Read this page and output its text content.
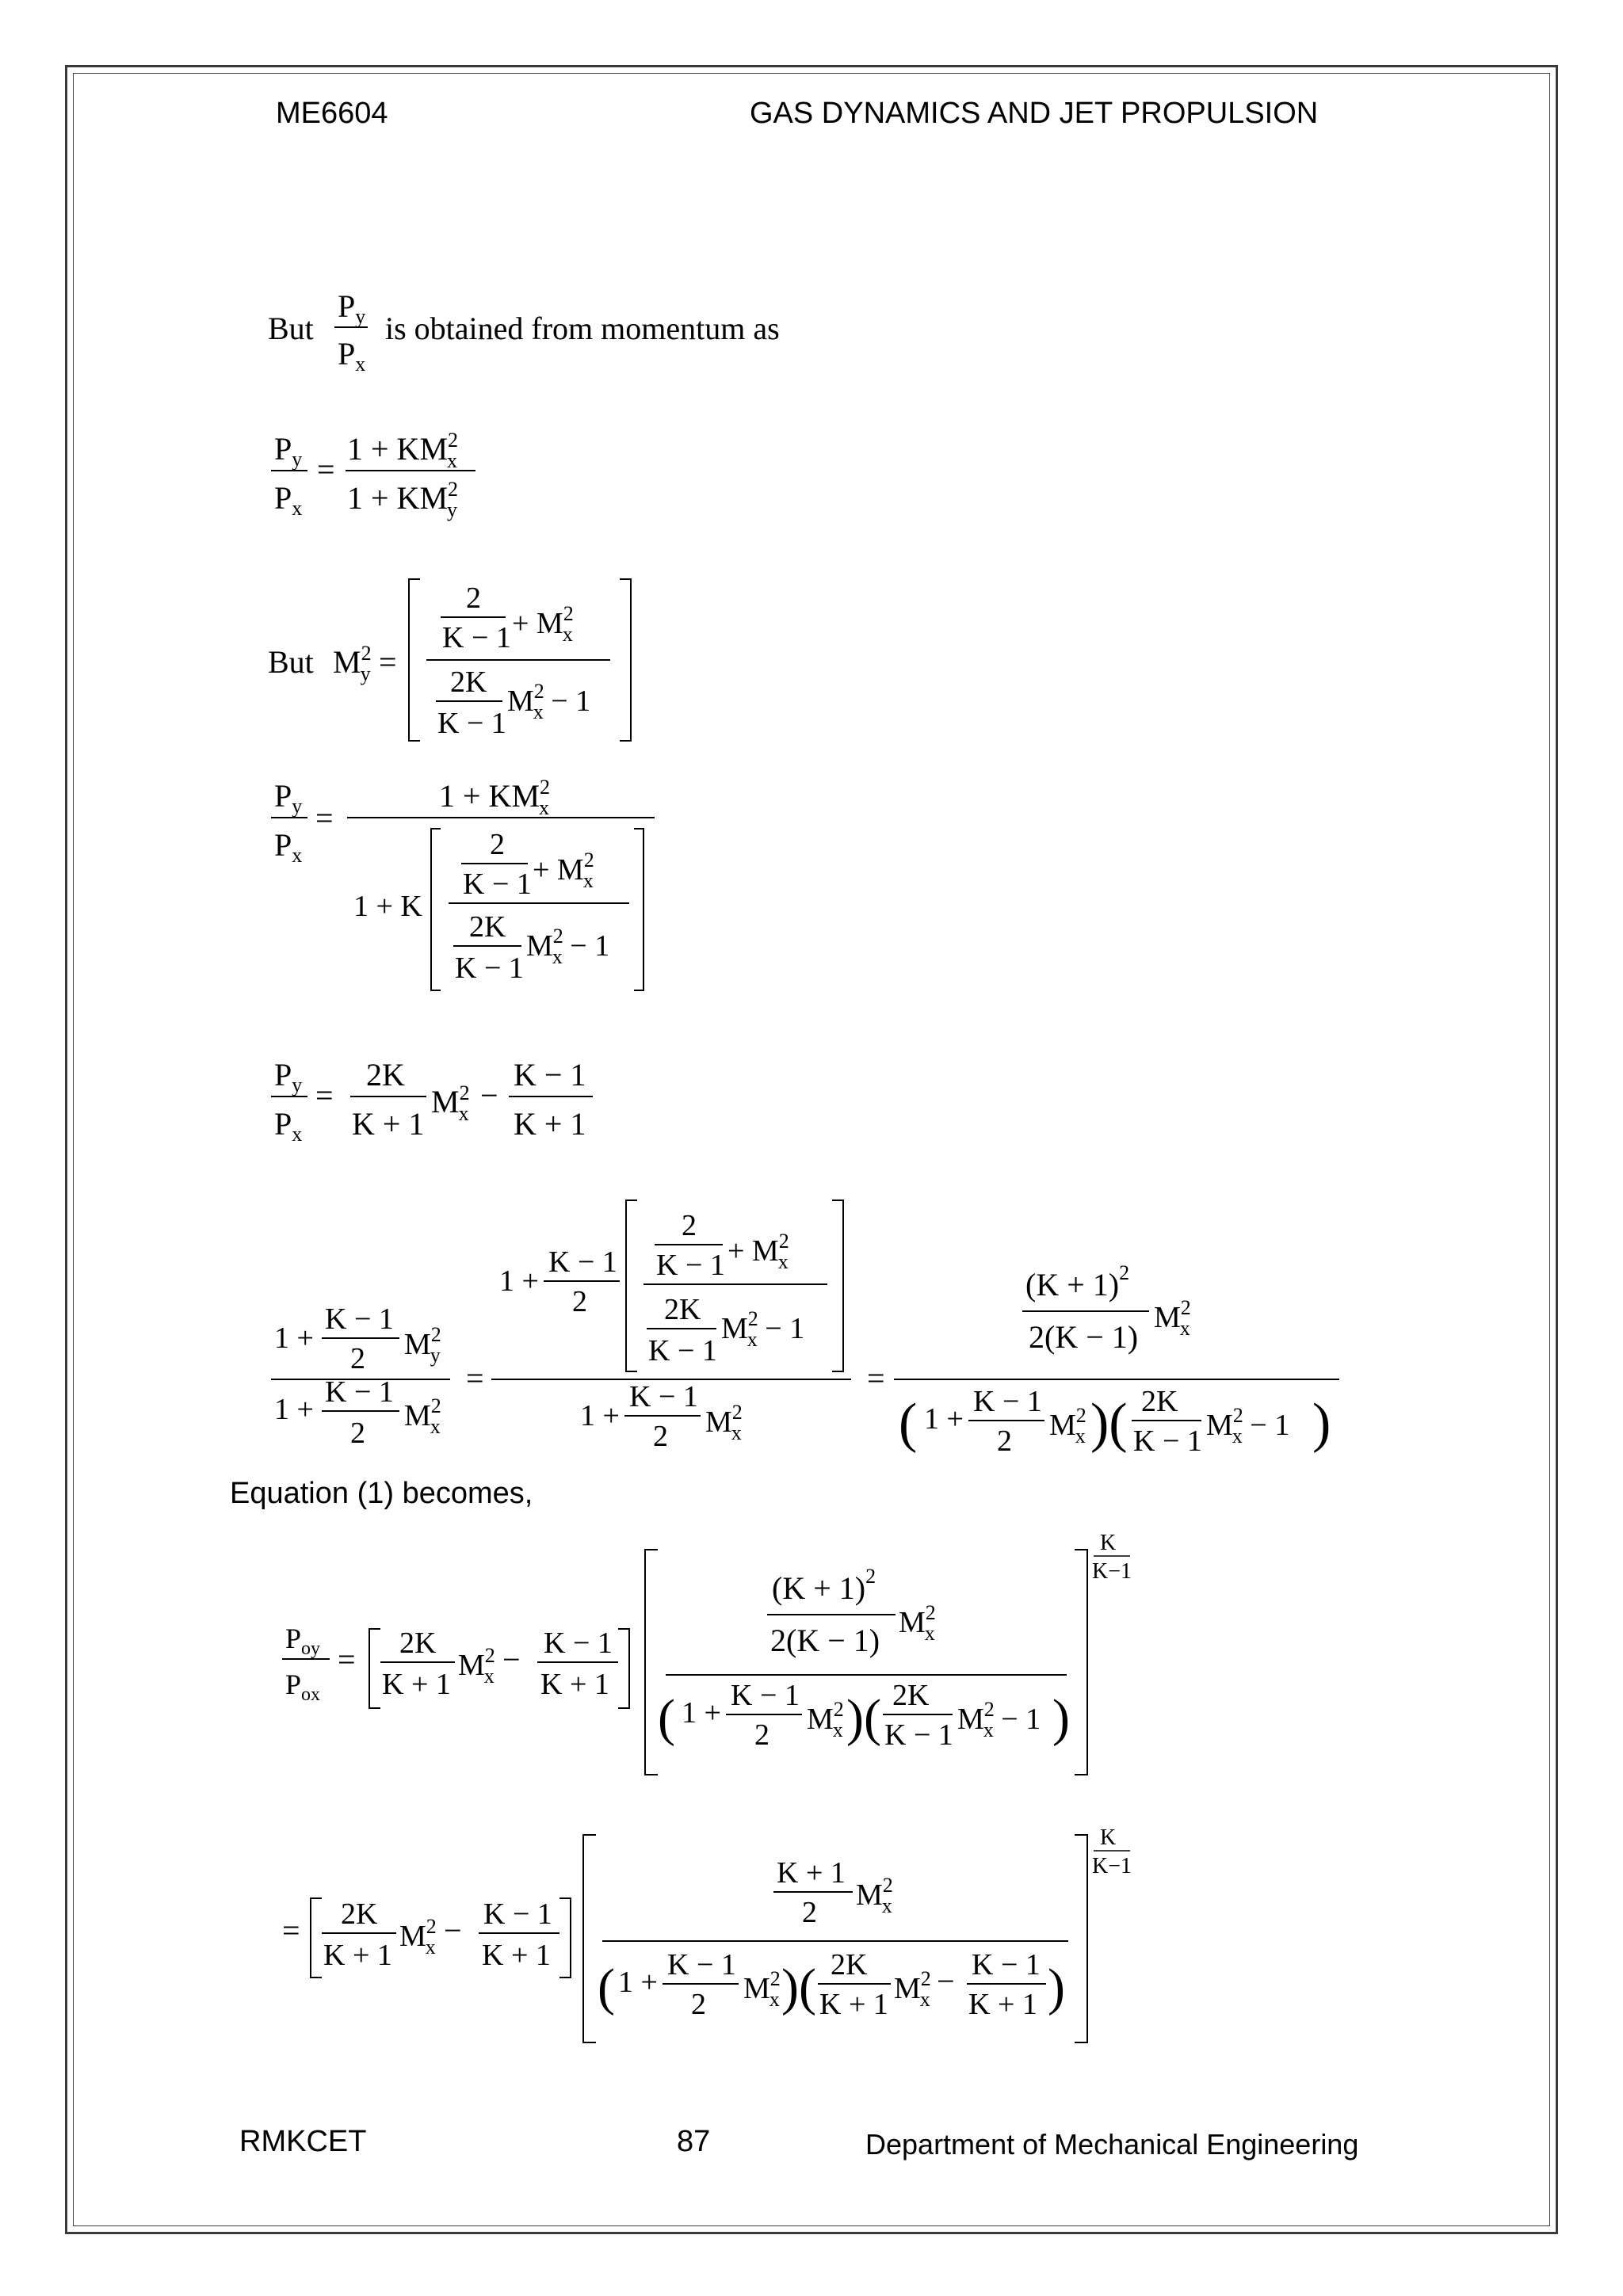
ME6604	GAS DYNAMICS AND JET PROPULSION
But
$P_y$
$P_x$
is obtained from momentum as
$P_y$
$P_x$
=
$1 + KM^2$ x
$1 + KM^2$ y
But $M^2$ y =
2
$K - 1 + M^2$ x
2K
K − 1
$M^2$ x − 1
$P_y$
$P_x$
=
$1 + KM^2$ x
1 + K
2
$K - 1 + M^2$ x
2K
K − 1
$M^2$ x − 1
$P_y$
$P_x$
=
2K
K + 1
$M^2$ x
−
K − 1
K + 1
1 +
K − 1
2 $M^2$ y
1 +
K − 1
2
$M^2$ x
=
1 +
K − 1
2
2
$K - 1 + M^2$ x
2K
K − 1
$M^2$ x − 1
1 +
K − 1
2 $M^2$ x
=
$(K + 1)^2$
2(K − 1)
$M^2$ x
( 1 +
K − 1
2 $M^2$ x )( 2K
K − 1 $M^2$ x − 1 )
Equation (1) becomes,
$P_{oy}$
$P_{ox}$
= 2K
K + 1
$M^2$ x − K − 1
K + 1
$(K + 1)^2$
2(K − 1) $M^2$ x
( 1 +
K − 1
2 $M^2$ x )( 2K
K − 1 $M^2$ x − 1 )
K
K−1
= 2K
K + 1
$M^2$ x − K − 1
K + 1
K + 1
2
$M^2$ x
( 1 +
K − 1
2 $M^2$ x )( 2K
K + 1 $M^2$ x
− K − 1
K + 1 )
K
K−1
RMKCET	87	Department of Mechanical Engineering
